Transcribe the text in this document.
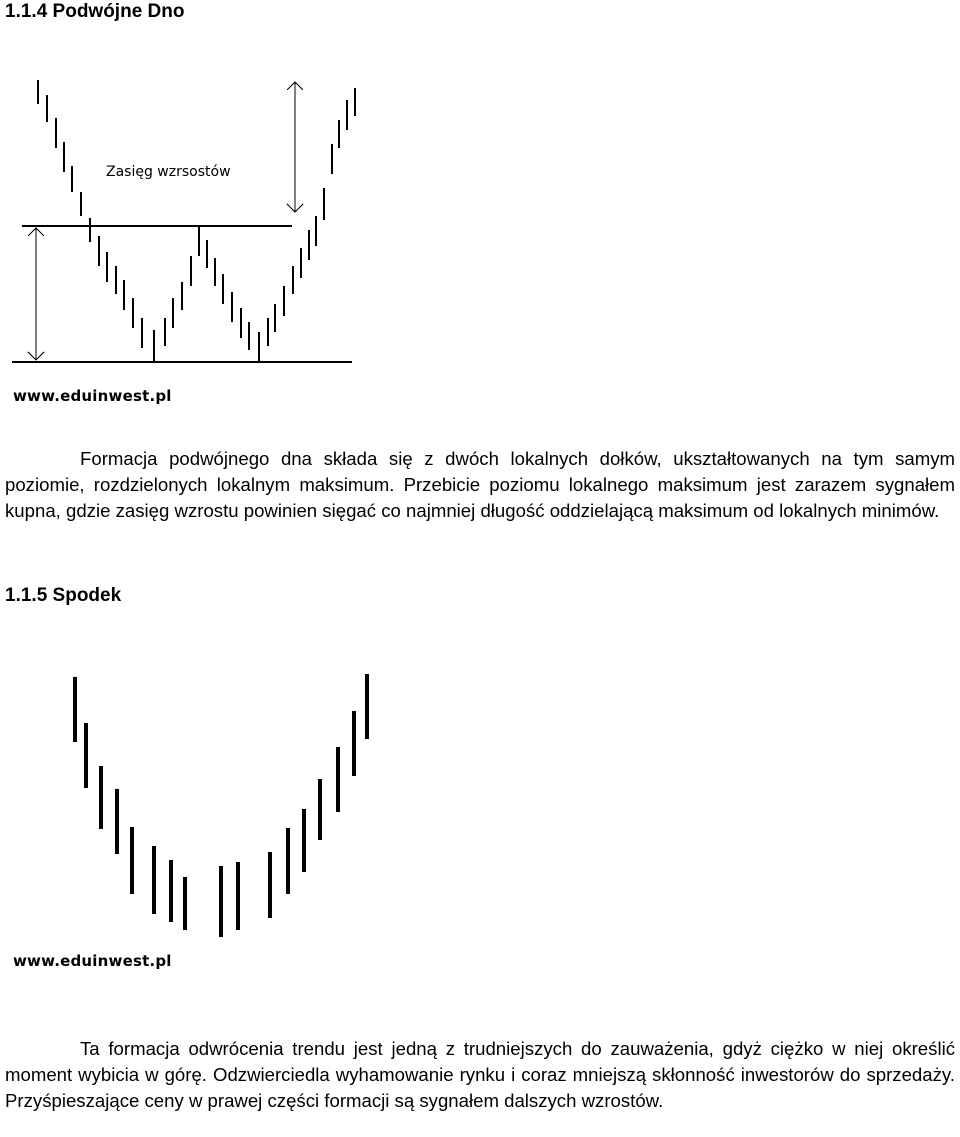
1.1.4 Podwójne Dno
Zasięg wzrsostów
www.eduinwest.pl

Formacja podwójnego dna składa się z dwóch lokalnych dołków, ukształtowanych na tym samym poziomie, rozdzielonych lokalnym maksimum. Przebicie poziomu lokalnego maksimum jest zarazem sygnałem kupna, gdzie zasięg wzrostu powinien sięgać co najmniej długość oddzielającą maksimum od lokalnych minimów.

1.1.5 Spodek
www.eduinwest.pl

Ta formacja odwrócenia trendu jest jedną z trudniejszych do zauważenia, gdyż ciężko w niej określić moment wybicia w górę. Odzwierciedla wyhamowanie rynku i coraz mniejszą skłonność inwestorów do sprzedaży. Przyśpieszające ceny w prawej części formacji są sygnałem dalszych wzrostów.
